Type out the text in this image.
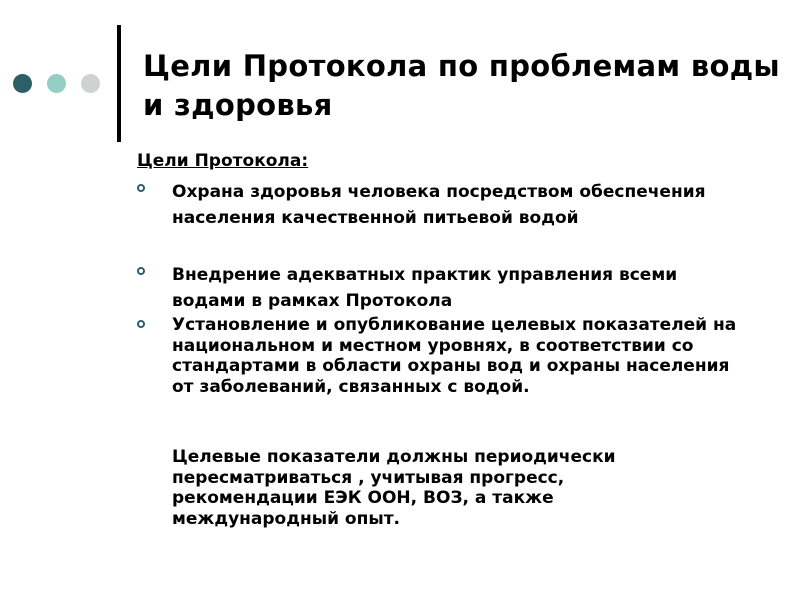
Цели Протокола по проблемам воды и здоровья

Цели Протокола:

Охрана здоровья человека посредством обеспечения населения качественной питьевой водой

Внедрение адекватных практик управления всеми водами в рамках Протокола

Установление и опубликование целевых показателей на национальном и местном уровнях, в соответствии со стандартами в области охраны вод и охраны населения от заболеваний, связанных с водой.

Целевые показатели должны периодически пересматриваться , учитывая прогресс, рекомендации ЕЭК ООН, ВОЗ, а также международный опыт.
